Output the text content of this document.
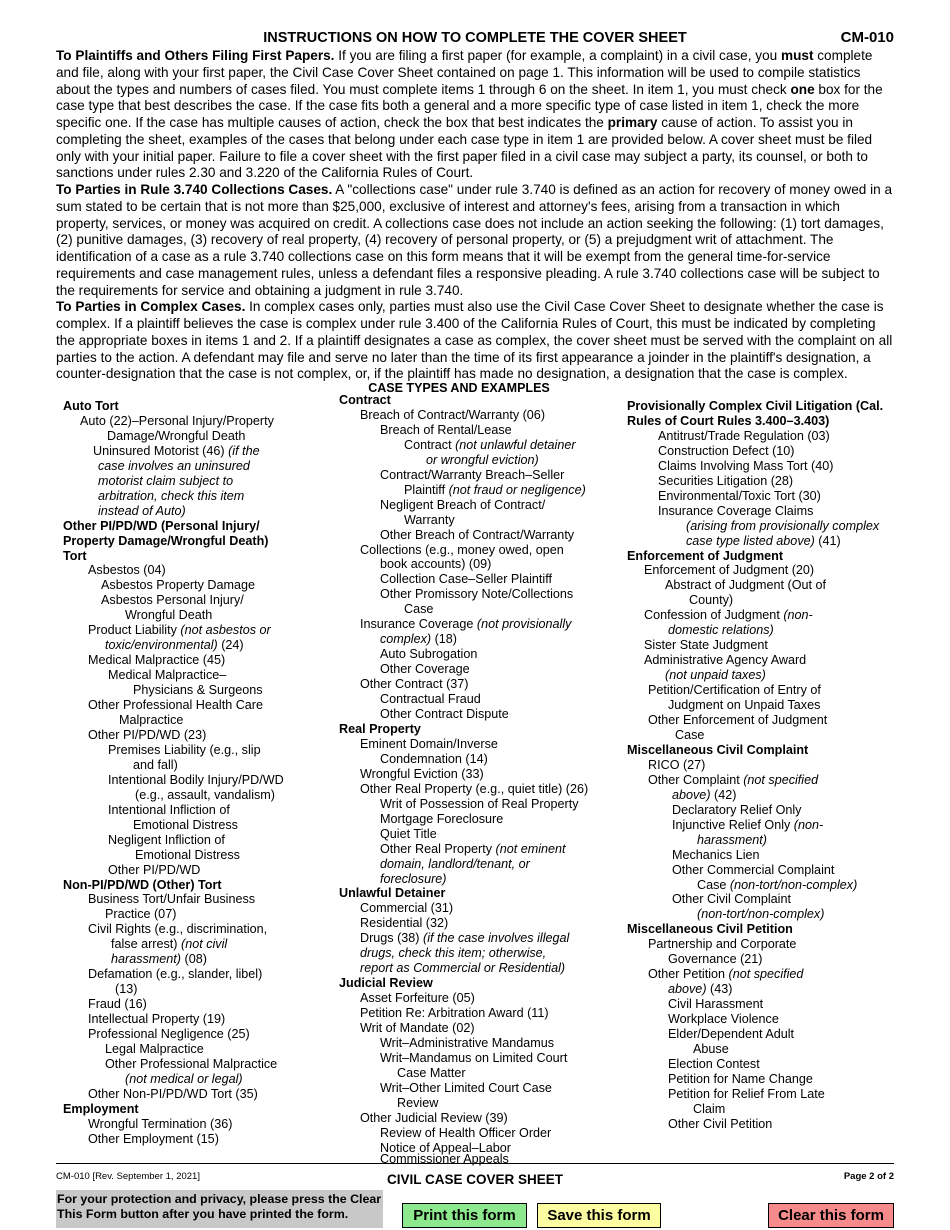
INSTRUCTIONS ON HOW TO COMPLETE THE COVER SHEET	CM-010

To Plaintiffs and Others Filing First Papers. If you are filing a first paper (for example, a complaint) in a civil case, you must complete and file, along with your first paper, the Civil Case Cover Sheet contained on page 1. This information will be used to compile statistics about the types and numbers of cases filed. You must complete items 1 through 6 on the sheet. In item 1, you must check one box for the case type that best describes the case. If the case fits both a general and a more specific type of case listed in item 1, check the more specific one. If the case has multiple causes of action, check the box that best indicates the primary cause of action. To assist you in completing the sheet, examples of the cases that belong under each case type in item 1 are provided below. A cover sheet must be filed only with your initial paper. Failure to file a cover sheet with the first paper filed in a civil case may subject a party, its counsel, or both to sanctions under rules 2.30 and 3.220 of the California Rules of Court.

To Parties in Rule 3.740 Collections Cases. A "collections case" under rule 3.740 is defined as an action for recovery of money owed in a sum stated to be certain that is not more than $25,000, exclusive of interest and attorney's fees, arising from a transaction in which property, services, or money was acquired on credit. A collections case does not include an action seeking the following: (1) tort damages, (2) punitive damages, (3) recovery of real property, (4) recovery of personal property, or (5) a prejudgment writ of attachment. The identification of a case as a rule 3.740 collections case on this form means that it will be exempt from the general time-for-service requirements and case management rules, unless a defendant files a responsive pleading. A rule 3.740 collections case will be subject to the requirements for service and obtaining a judgment in rule 3.740.

To Parties in Complex Cases. In complex cases only, parties must also use the Civil Case Cover Sheet to designate whether the case is complex. If a plaintiff believes the case is complex under rule 3.400 of the California Rules of Court, this must be indicated by completing the appropriate boxes in items 1 and 2. If a plaintiff designates a case as complex, the cover sheet must be served with the complaint on all parties to the action. A defendant may file and serve no later than the time of its first appearance a joinder in the plaintiff's designation, a counter-designation that the case is not complex, or, if the plaintiff has made no designation, a designation that the case is complex.

CASE TYPES AND EXAMPLES
Auto Tort
Auto (22)–Personal Injury/Property
Damage/Wrongful Death
Uninsured Motorist (46) (if the
case involves an uninsured
motorist claim subject to
arbitration, check this item
instead of Auto)
Other PI/PD/WD (Personal Injury/
Property Damage/Wrongful Death)
Tort
Asbestos (04)
Asbestos Property Damage
Asbestos Personal Injury/
Wrongful Death
Product Liability (not asbestos or
toxic/environmental) (24)
Medical Malpractice (45)
Medical Malpractice–
Physicians & Surgeons
Other Professional Health Care
Malpractice
Other PI/PD/WD (23)
Premises Liability (e.g., slip
and fall)
Intentional Bodily Injury/PD/WD
(e.g., assault, vandalism)
Intentional Infliction of
Emotional Distress
Negligent Infliction of
Emotional Distress
Other PI/PD/WD
Non-PI/PD/WD (Other) Tort
Business Tort/Unfair Business
Practice (07)
Civil Rights (e.g., discrimination,
false arrest) (not civil
harassment) (08)
Defamation (e.g., slander, libel)
(13)
Fraud (16)
Intellectual Property (19)
Professional Negligence (25)
Legal Malpractice
Other Professional Malpractice
(not medical or legal)
Other Non-PI/PD/WD Tort (35)
Employment
Wrongful Termination (36)
Other Employment (15)
Contract
Breach of Contract/Warranty (06)
Breach of Rental/Lease
Contract (not unlawful detainer
or wrongful eviction)
Contract/Warranty Breach–Seller
Plaintiff (not fraud or negligence)
Negligent Breach of Contract/
Warranty
Other Breach of Contract/Warranty
Collections (e.g., money owed, open
book accounts) (09)
Collection Case–Seller Plaintiff
Other Promissory Note/Collections
Case
Insurance Coverage (not provisionally
complex) (18)
Auto Subrogation
Other Coverage
Other Contract (37)
Contractual Fraud
Other Contract Dispute
Real Property
Eminent Domain/Inverse
Condemnation (14)
Wrongful Eviction (33)
Other Real Property (e.g., quiet title) (26)
Writ of Possession of Real Property
Mortgage Foreclosure
Quiet Title
Other Real Property (not eminent
domain, landlord/tenant, or
foreclosure)
Unlawful Detainer
Commercial (31)
Residential (32)
Drugs (38) (if the case involves illegal
drugs, check this item; otherwise,
report as Commercial or Residential)
Judicial Review
Asset Forfeiture (05)
Petition Re: Arbitration Award (11)
Writ of Mandate (02)
Writ–Administrative Mandamus
Writ–Mandamus on Limited Court
Case Matter
Writ–Other Limited Court Case
Review
Other Judicial Review (39)
Review of Health Officer Order
Notice of Appeal–Labor
Commissioner Appeals
Provisionally Complex Civil Litigation (Cal.
Rules of Court Rules 3.400–3.403)
Antitrust/Trade Regulation (03)
Construction Defect (10)
Claims Involving Mass Tort (40)
Securities Litigation (28)
Environmental/Toxic Tort (30)
Insurance Coverage Claims
(arising from provisionally complex
case type listed above) (41)
Enforcement of Judgment
Enforcement of Judgment (20)
Abstract of Judgment (Out of
County)
Confession of Judgment (non-
domestic relations)
Sister State Judgment
Administrative Agency Award
(not unpaid taxes)
Petition/Certification of Entry of
Judgment on Unpaid Taxes
Other Enforcement of Judgment
Case
Miscellaneous Civil Complaint
RICO (27)
Other Complaint (not specified
above) (42)
Declaratory Relief Only
Injunctive Relief Only (non-
harassment)
Mechanics Lien
Other Commercial Complaint
Case (non-tort/non-complex)
Other Civil Complaint
(non-tort/non-complex)
Miscellaneous Civil Petition
Partnership and Corporate
Governance (21)
Other Petition (not specified
above) (43)
Civil Harassment
Workplace Violence
Elder/Dependent Adult
Abuse
Election Contest
Petition for Name Change
Petition for Relief From Late
Claim
Other Civil Petition
CM-010 [Rev. September 1, 2021]	CIVIL CASE COVER SHEET	Page 2 of 2
For your protection and privacy, please press the Clear This Form button after you have printed the form.	Print this form	Save this form	Clear this form
